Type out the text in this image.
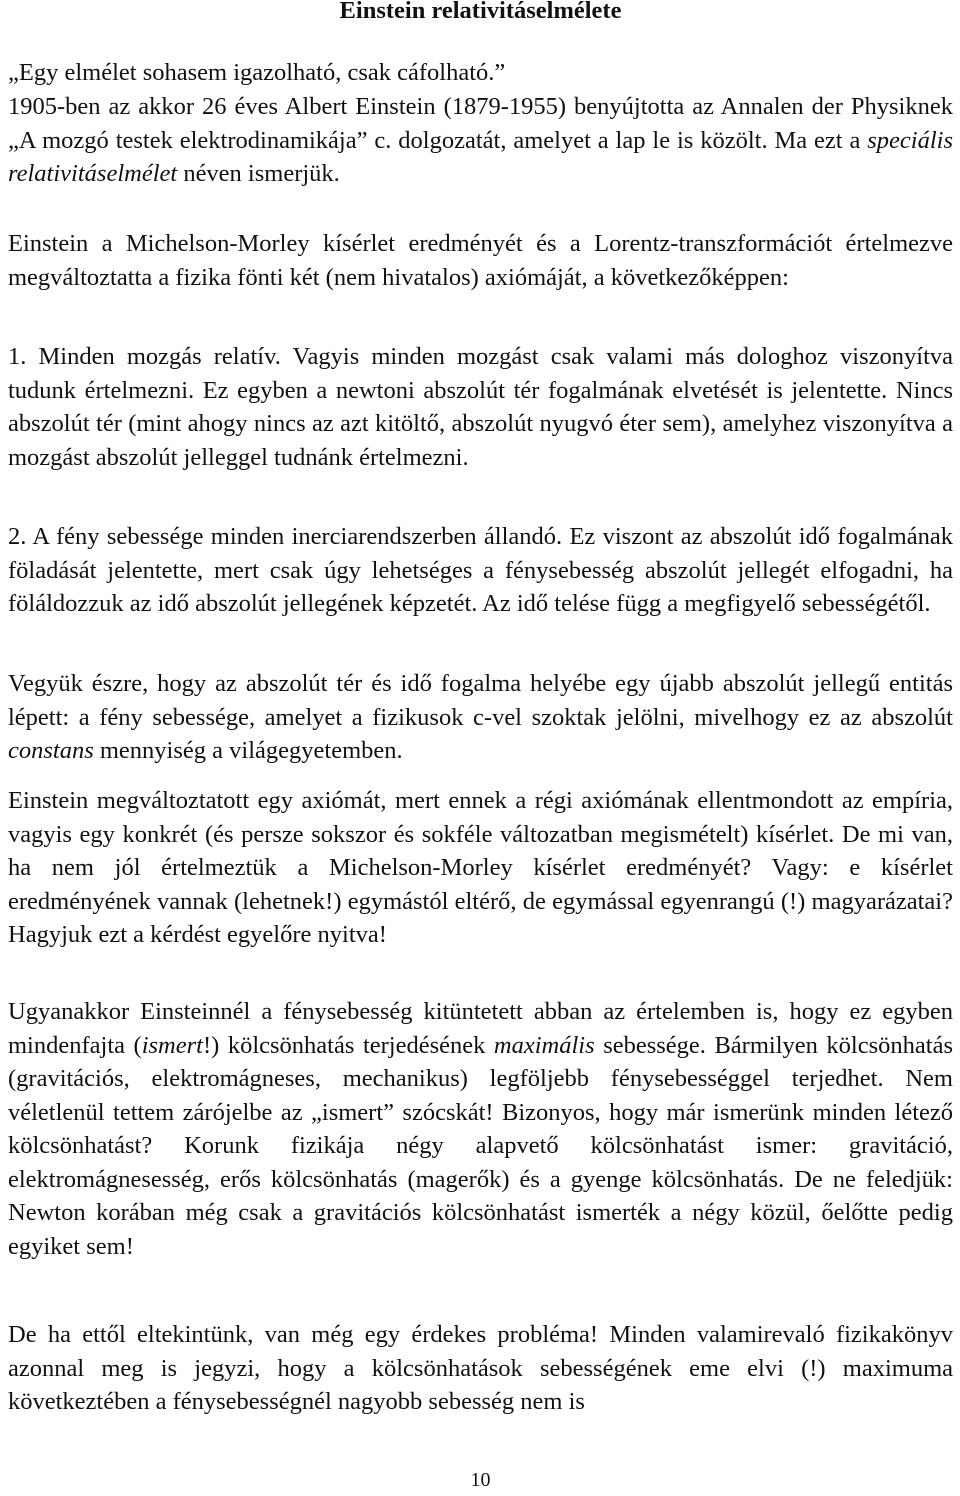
Einstein relativitáselmélete

„Egy elmélet sohasem igazolható, csak cáfolható.”

1905-ben az akkor 26 éves Albert Einstein (1879-1955) benyújtotta az Annalen der Physiknek „A mozgó testek elektrodinamikája” c. dolgozatát, amelyet a lap le is közölt. Ma ezt a speciális relativitáselmélet néven ismerjük.

Einstein a Michelson-Morley kísérlet eredményét és a Lorentz-transzformációt értelmezve megváltoztatta a fizika fönti két (nem hivatalos) axiómáját, a következőképpen:

1. Minden mozgás relatív. Vagyis minden mozgást csak valami más dologhoz viszonyítva tudunk értelmezni. Ez egyben a newtoni abszolút tér fogalmának elvetését is jelentette. Nincs abszolút tér (mint ahogy nincs az azt kitöltő, abszolút nyugvó éter sem), amelyhez viszonyítva a mozgást abszolút jelleggel tudnánk értelmezni.

2. A fény sebessége minden inerciarendszerben állandó. Ez viszont az abszolút idő fogalmának föladását jelentette, mert csak úgy lehetséges a fénysebesség abszolút jellegét elfogadni, ha föláldozzuk az idő abszolút jellegének képzetét. Az idő telése függ a megfigyelő sebességétől.

Vegyük észre, hogy az abszolút tér és idő fogalma helyébe egy újabb abszolút jellegű entitás lépett: a fény sebessége, amelyet a fizikusok c-vel szoktak jelölni, mivelhogy ez az abszolút constans mennyiség a világegyetemben.

Einstein megváltoztatott egy axiómát, mert ennek a régi axiómának ellentmondott az empíria, vagyis egy konkrét (és persze sokszor és sokféle változatban megismételt) kísérlet. De mi van, ha nem jól értelmeztük a Michelson-Morley kísérlet eredményét? Vagy: e kísérlet eredményének vannak (lehetnek!) egymástól eltérő, de egymással egyenrangú (!) magyarázatai? Hagyjuk ezt a kérdést egyelőre nyitva!

Ugyanakkor Einsteinnél a fénysebesség kitüntetett abban az értelemben is, hogy ez egyben mindenfajta (ismert!) kölcsönhatás terjedésének maximális sebessége. Bármilyen kölcsönhatás (gravitációs, elektromágneses, mechanikus) legföljebb fénysebességgel terjedhet. Nem véletlenül tettem zárójelbe az „ismert” szócskát! Bizonyos, hogy már ismerünk minden létező kölcsönhatást? Korunk fizikája négy alapvető kölcsönhatást ismer: gravitáció, elektromágnesesség, erős kölcsönhatás (magerők) és a gyenge kölcsönhatás. De ne feledjük: Newton korában még csak a gravitációs kölcsönhatást ismerték a négy közül, őelőtte pedig egyiket sem!

De ha ettől eltekintünk, van még egy érdekes probléma! Minden valamirevaló fizikakönyv azonnal meg is jegyzi, hogy a kölcsönhatások sebességének eme elvi (!) maximuma következtében a fénysebességnél nagyobb sebesség nem is

10
